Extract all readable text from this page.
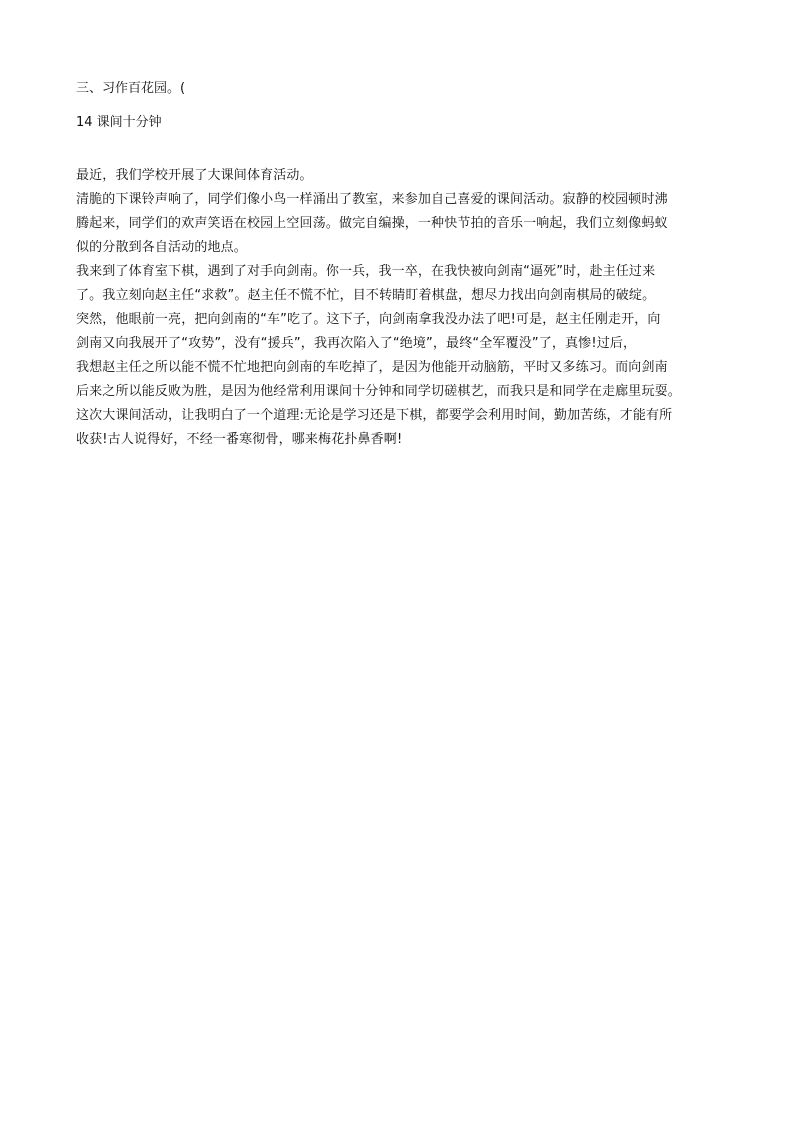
三、习作百花园。(
14 课间十分钟

最近，我们学校开展了大课间体育活动。

清脆的下课铃声响了，同学们像小鸟一样涌出了教室，来参加自己喜爱的课间活动。寂静的校园顿时沸
腾起来，同学们的欢声笑语在校园上空回荡。做完自编操，一种快节拍的音乐一响起，我们立刻像蚂蚁
似的分散到各自活动的地点。

我来到了体育室下棋，遇到了对手向剑南。你一兵，我一卒，在我快被向剑南“逼死”时，赴主任过来
了。我立刻向赵主任“求救”。赵主任不慌不忙，目不转睛盯着棋盘，想尽力找出向剑南棋局的破绽。
突然，他眼前一亮，把向剑南的“车”吃了。这下子，向剑南拿我没办法了吧!可是，赵主任刚走开，向
剑南又向我展开了“攻势”，没有“援兵”，我再次陷入了“绝境”，最终“全军覆没”了，真惨!过后，
我想赵主任之所以能不慌不忙地把向剑南的车吃掉了，是因为他能开动脑筋，平时又多练习。而向剑南
后来之所以能反败为胜，是因为他经常利用课间十分钟和同学切磋棋艺，而我只是和同学在走廊里玩耍。

这次大课间活动，让我明白了一个道理:无论是学习还是下棋，都要学会利用时间，勤加苦练，才能有所
收获!古人说得好，不经一番寒彻骨，哪来梅花扑鼻香啊!
